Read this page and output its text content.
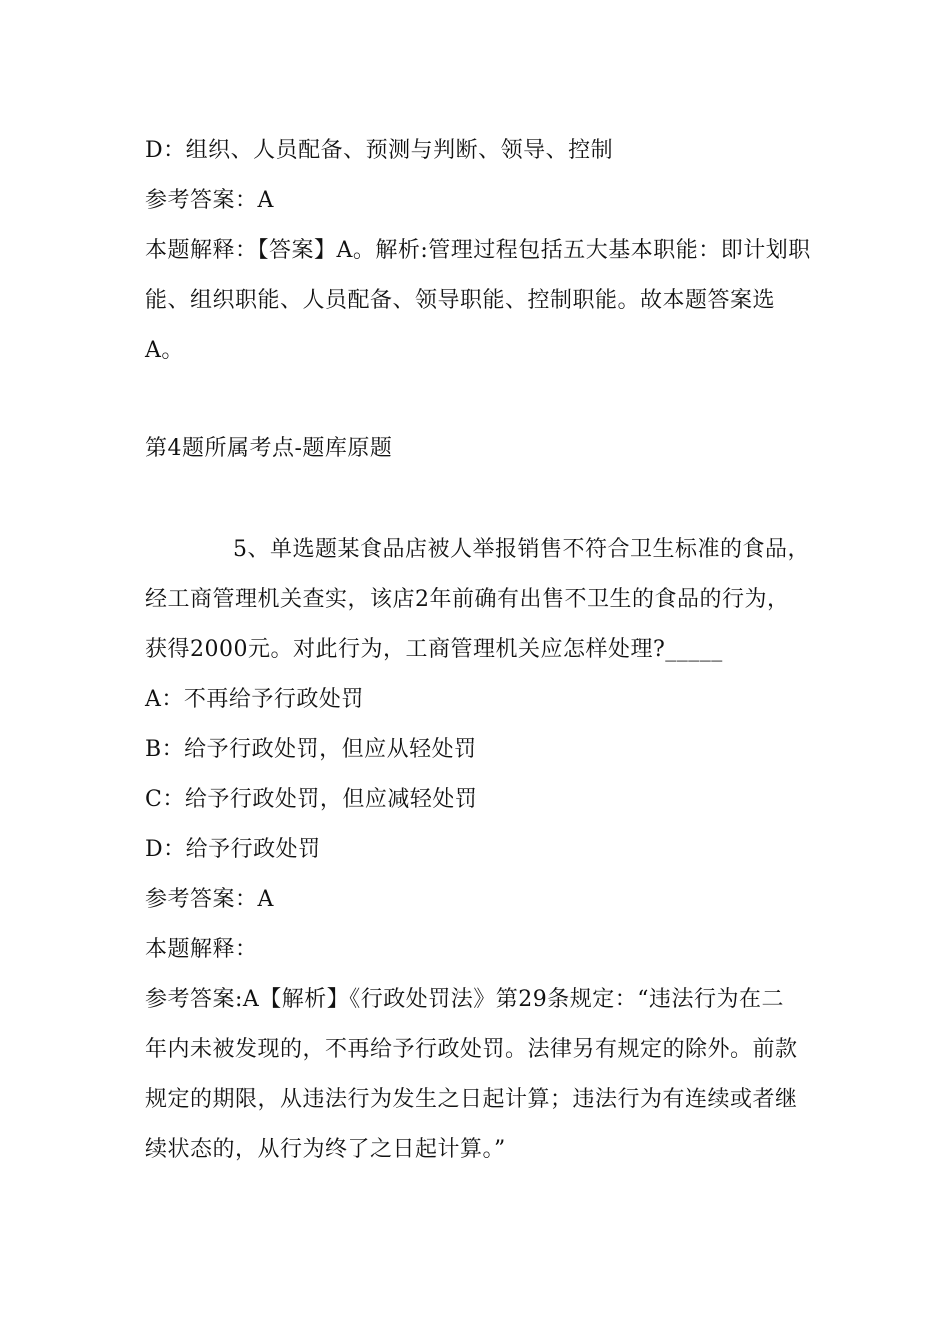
D：组织、人员配备、预测与判断、领导、控制
参考答案：A
本题解释：【答案】A。解析:管理过程包括五大基本职能：即计划职
能、组织职能、人员配备、领导职能、控制职能。故本题答案选
A。
第4题所属考点-题库原题
5、单选题某食品店被人举报销售不符合卫生标准的食品，
经工商管理机关查实，该店2年前确有出售不卫生的食品的行为，
获得2000元。对此行为，工商管理机关应怎样处理?_____
A：不再给予行政处罚
B：给予行政处罚，但应从轻处罚
C：给予行政处罚，但应减轻处罚
D：给予行政处罚
参考答案：A
本题解释：
参考答案:A【解析】《行政处罚法》第29条规定：“违法行为在二
年内未被发现的，不再给予行政处罚。法律另有规定的除外。前款
规定的期限，从违法行为发生之日起计算；违法行为有连续或者继
续状态的，从行为终了之日起计算。”
